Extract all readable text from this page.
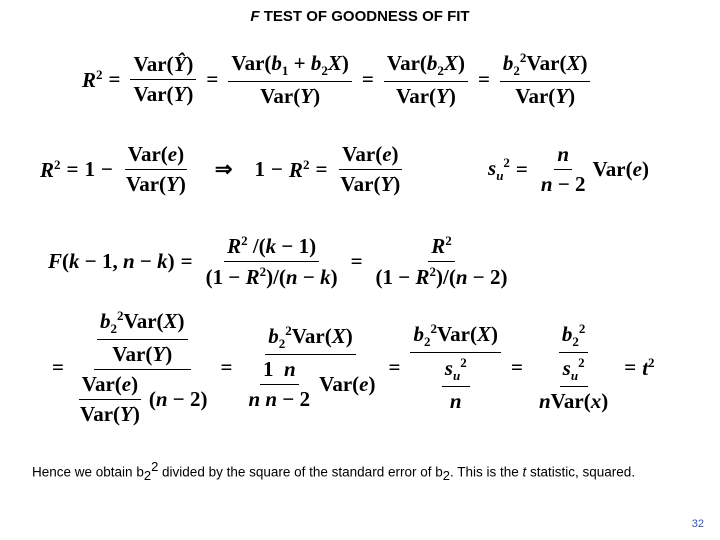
F TEST OF GOODNESS OF FIT
$R^2 = \frac{\text{Var(Ŷ)}}{\text{Var(Y)}} = \frac{Var(b_1 + b_2X)}{\text{Var(Y)}} = \frac{Var(b_2X)}{\text{Var(Y)}} = \frac{b_2^2Var(X)}{\text{Var(Y)}}$
$R^2 = 1 - \frac{\text{Var(e)}}{\text{Var(Y)}}$ ⇒ $1 - R^2 = \frac{\text{Var(e)}}{\text{Var(Y)}}$	$s_u^2 = \frac{n}{n - 2} Var(e)$
F(k − 1, $n - k) = \frac{R^2 /(k - 1)}{(1 - R^2)/(n - k)} = \frac{R^2}{(1 - R^2)/(n - 2)}$
= $\frac{\frac{b_2^2Var(X)}{\text{Var(Y)}}}{\frac{\text{Var(e)}}{\text{Var(Y)}} (n - 2)} = \frac{b_2^2Var(X)}{\frac{1 n}{\text{n n − 2}} Var(e)} = \frac{b_2^2Var(X)}{\frac{s_u^2}{n}} = \frac{b_2^2}{\frac{s_u^2}{\text{nVar(x)}}} = t^2$
Hence we obtain $b_2^2$ divided by the square of the standard error of $b_2$. This is the t statistic, squared.
32
